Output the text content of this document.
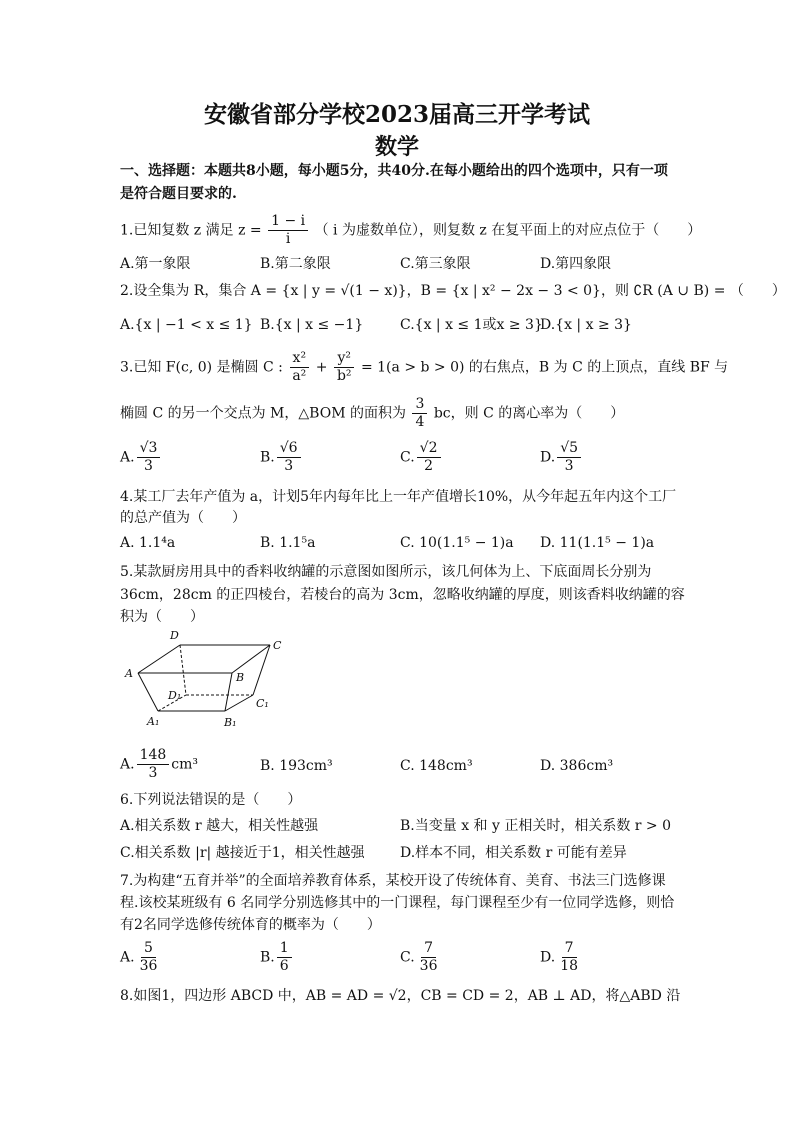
安徽省部分学校2023届高三开学考试
数学
一、选择题：本题共8小题，每小题5分，共40分.在每小题给出的四个选项中，只有一项是符合题目要求的.
1.已知复数 z 满足 $z = \frac{1 - i}{i}$ （ i 为虚数单位），则复数 z 在复平面上的对应点位于（　　）
A.第一象限	B.第二象限	C.第三象限	D.第四象限
2.设全集为 R，集合 A = {x | y = √(1 − x)}，B = {x | x² − 2x − 3 < 0}，则 ∁R (A ∪ B) = （　　）
A.{x | −1 < x ≤ 1} B.{x | x ≤ −1}	C.{x | x ≤ 1或x ≥ 3}
D.{x | x ≥ 3}
3.已知 F(c, 0) 是椭圆 C : $\frac{\text{x²}}{\text{a²}} + \frac{\text{y²}}{\text{b²}} = 1(a > b > 0)$ 的右焦点，B 为 C 的上顶点，直线 BF 与
椭圆 C 的另一个交点为 M，△BOM 的面积为 $\frac{3}{4}$ bc，则 C 的离心率为（　　）
A. $\frac{√3}{3}$	B. $\frac{√6}{3}$	C. $\frac{√2}{2}$	D. $\frac{√5}{3}$
4.某工厂去年产值为 a，计划5年内每年比上一年产值增长10%，从今年起五年内这个工厂
的总产值为（　　）
A. 1.1⁴a	B. 1.1⁵a	C. 10(1.1⁵ − 1)a D. 11(1.1⁵ − 1)a
5.某款厨房用具中的香料收纳罐的示意图如图所示，该几何体为上、下底面周长分别为
36cm，28cm 的正四棱台，若棱台的高为 3cm，忽略收纳罐的厚度，则该香料收纳罐的容
积为（　　）
D
C
A	B
D₁
C₁
A₁	B₁
A. $\frac{148}{3} cm^3$	B. 193cm³	C. 148cm³	D. 386cm³
6.下列说法错误的是（　　）
A.相关系数 r 越大，相关性越强	B.当变量 x 和 y 正相关时，相关系数 r > 0
C.相关系数 |r| 越接近于1，相关性越强	D.样本不同，相关系数 r 可能有差异
7.为构建“五育并举”的全面培养教育体系，某校开设了传统体育、美育、书法三门选修课
程.该校某班级有 6 名同学分别选修其中的一门课程，每门课程至少有一位同学选修，则恰
有2名同学选修传统体育的概率为（　　）
A. $\frac{5}{36}$	B. $\frac{1}{6}$	C. $\frac{7}{36}$	D. $\frac{7}{18}$
8.如图1，四边形 ABCD 中，AB = AD = √2，CB = CD = 2，AB ⊥ AD，将△ABD 沿
